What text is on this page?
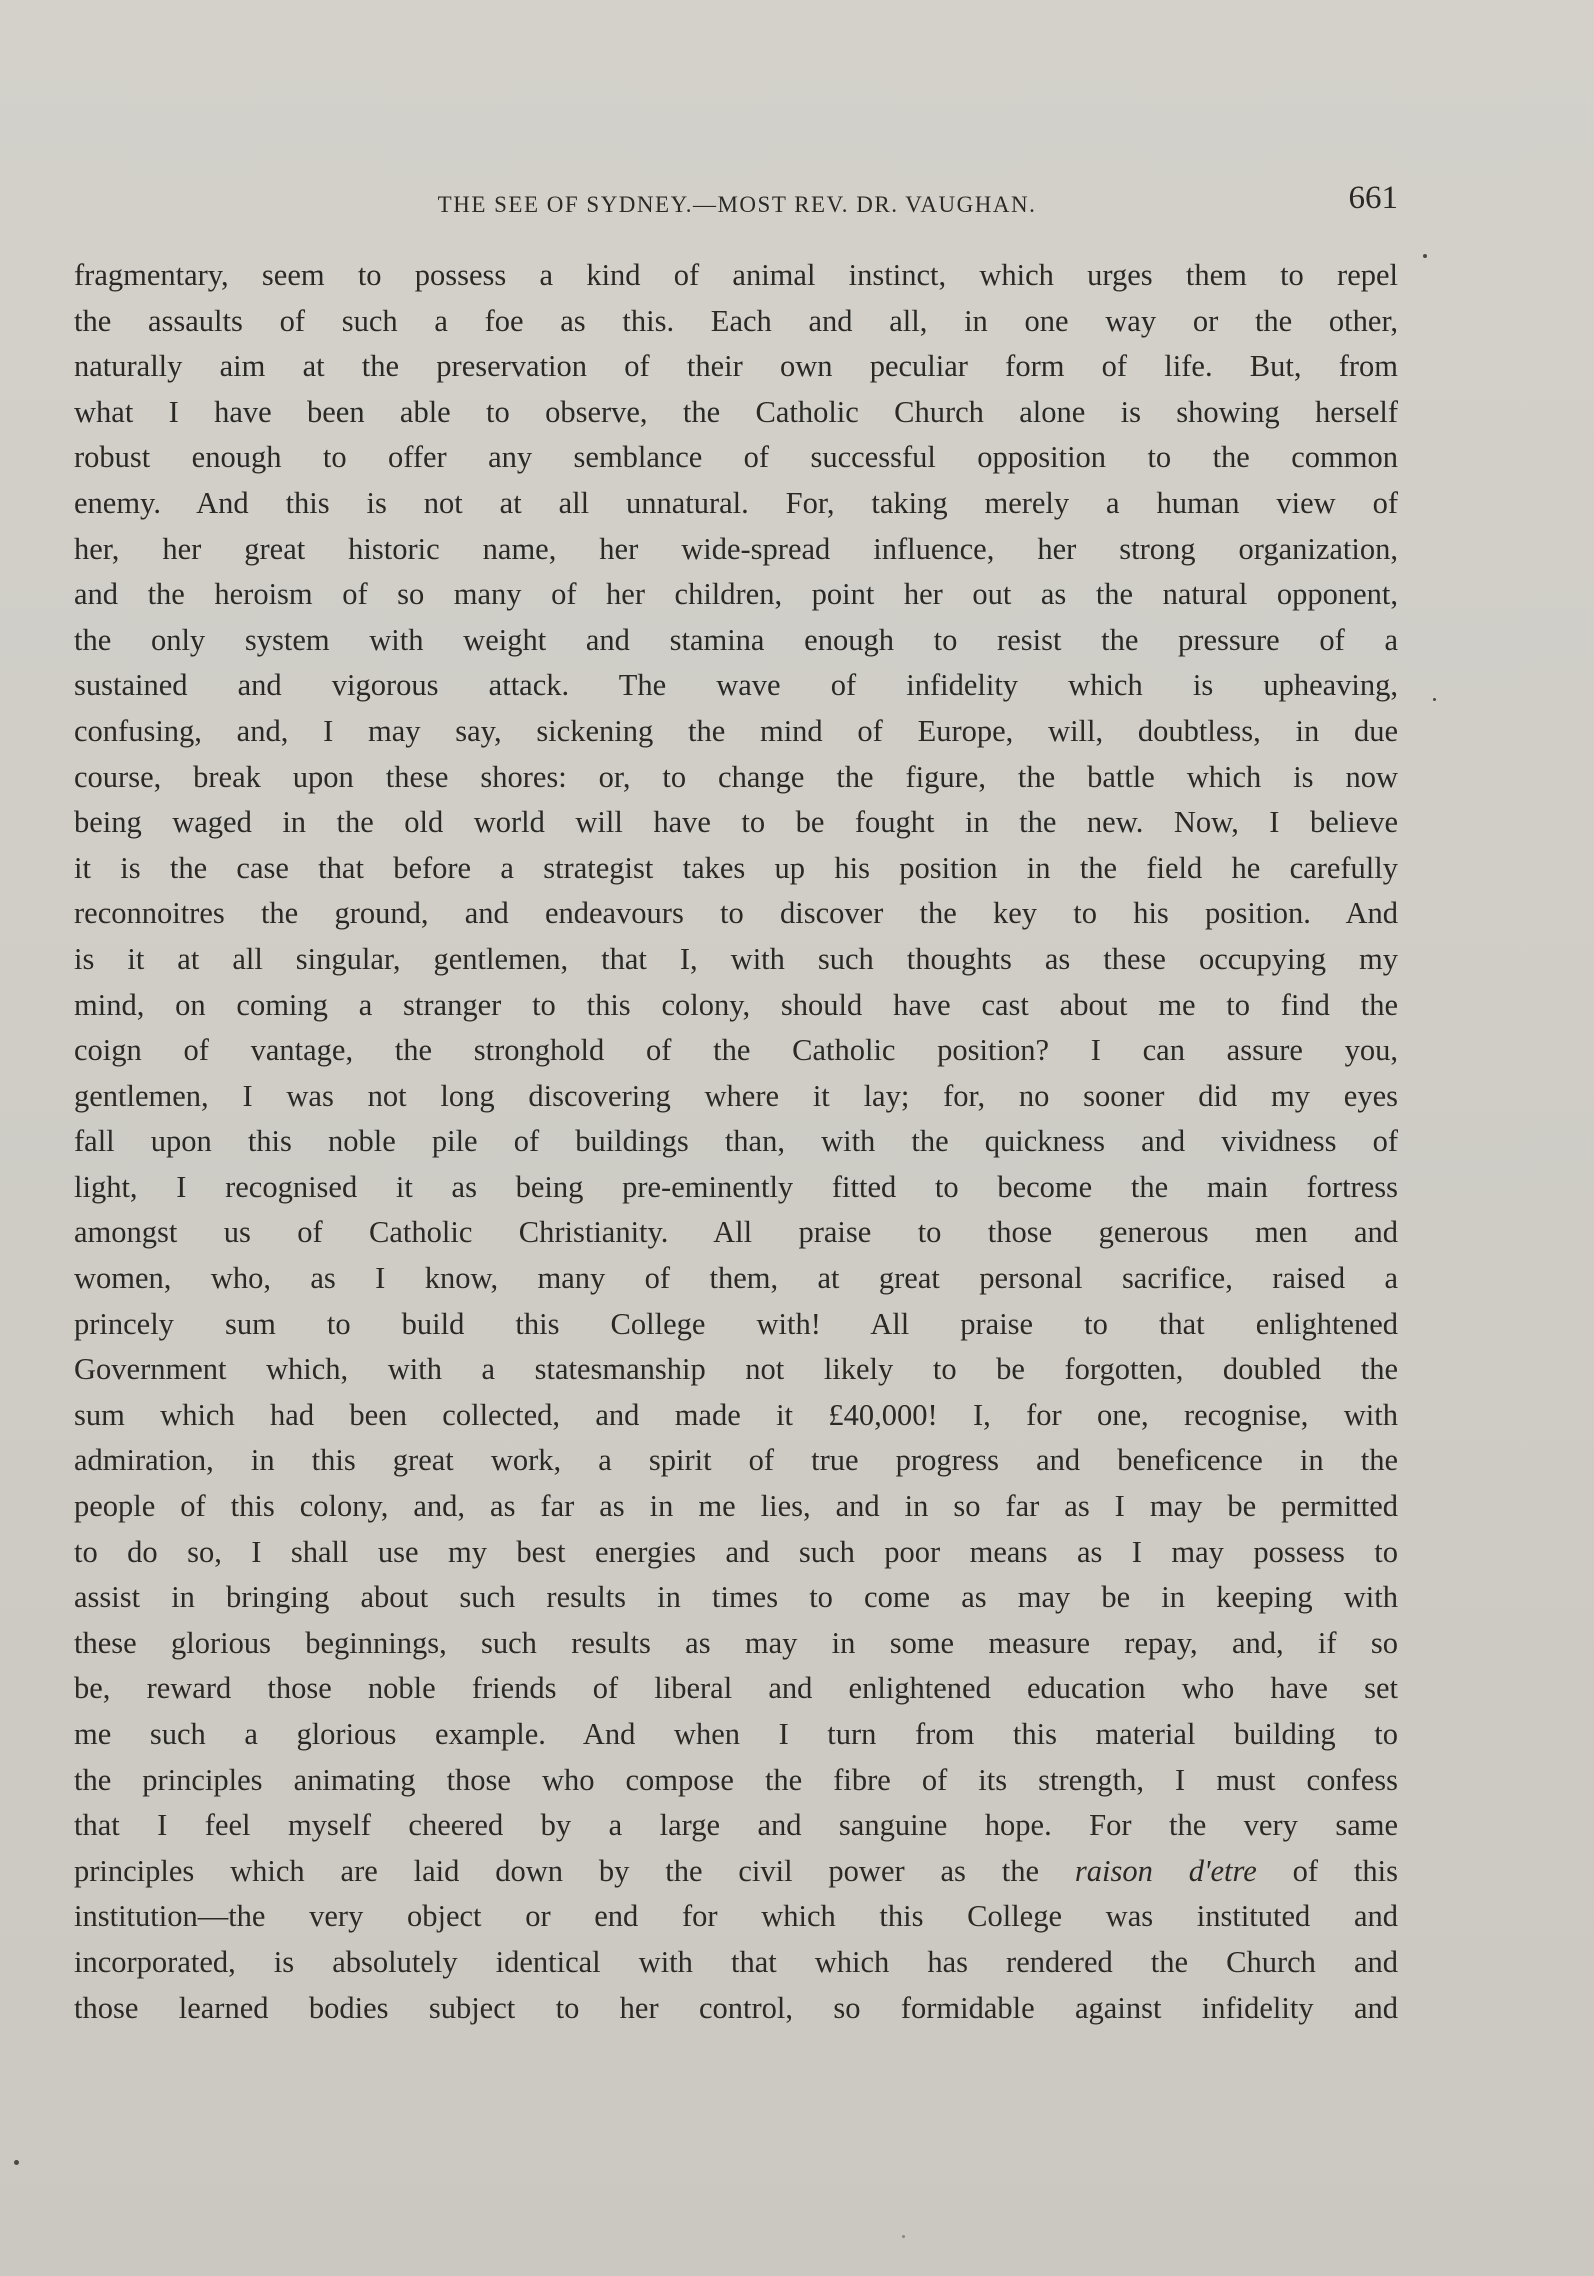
THE SEE OF SYDNEY.—MOST REV. DR. VAUGHAN.	661
fragmentary, seem to possess a kind of animal instinct, which urges them to repel
the assaults of such a foe as this. Each and all, in one way or the other,
naturally aim at the preservation of their own peculiar form of life. But, from
what I have been able to observe, the Catholic Church alone is showing herself
robust enough to offer any semblance of successful opposition to the common
enemy. And this is not at all unnatural. For, taking merely a human view of
her, her great historic name, her wide-spread influence, her strong organization,
and the heroism of so many of her children, point her out as the natural opponent,
the only system with weight and stamina enough to resist the pressure of a
sustained and vigorous attack. The wave of infidelity which is upheaving,
confusing, and, I may say, sickening the mind of Europe, will, doubtless, in due
course, break upon these shores: or, to change the figure, the battle which is now
being waged in the old world will have to be fought in the new. Now, I believe
it is the case that before a strategist takes up his position in the field he carefully
reconnoitres the ground, and endeavours to discover the key to his position. And
is it at all singular, gentlemen, that I, with such thoughts as these occupying my
mind, on coming a stranger to this colony, should have cast about me to find the
coign of vantage, the stronghold of the Catholic position? I can assure you,
gentlemen, I was not long discovering where it lay; for, no sooner did my eyes
fall upon this noble pile of buildings than, with the quickness and vividness of
light, I recognised it as being pre-eminently fitted to become the main fortress
amongst us of Catholic Christianity. All praise to those generous men and
women, who, as I know, many of them, at great personal sacrifice, raised a
princely sum to build this College with! All praise to that enlightened
Government which, with a statesmanship not likely to be forgotten, doubled the
sum which had been collected, and made it £40,000! I, for one, recognise, with
admiration, in this great work, a spirit of true progress and beneficence in the
people of this colony, and, as far as in me lies, and in so far as I may be permitted
to do so, I shall use my best energies and such poor means as I may possess to
assist in bringing about such results in times to come as may be in keeping with
these glorious beginnings, such results as may in some measure repay, and, if so
be, reward those noble friends of liberal and enlightened education who have set
me such a glorious example. And when I turn from this material building to
the principles animating those who compose the fibre of its strength, I must confess
that I feel myself cheered by a large and sanguine hope. For the very same
principles which are laid down by the civil power as the raison d'etre of this
institution—the very object or end for which this College was instituted and
incorporated, is absolutely identical with that which has rendered the Church and
those learned bodies subject to her control, so formidable against infidelity and
